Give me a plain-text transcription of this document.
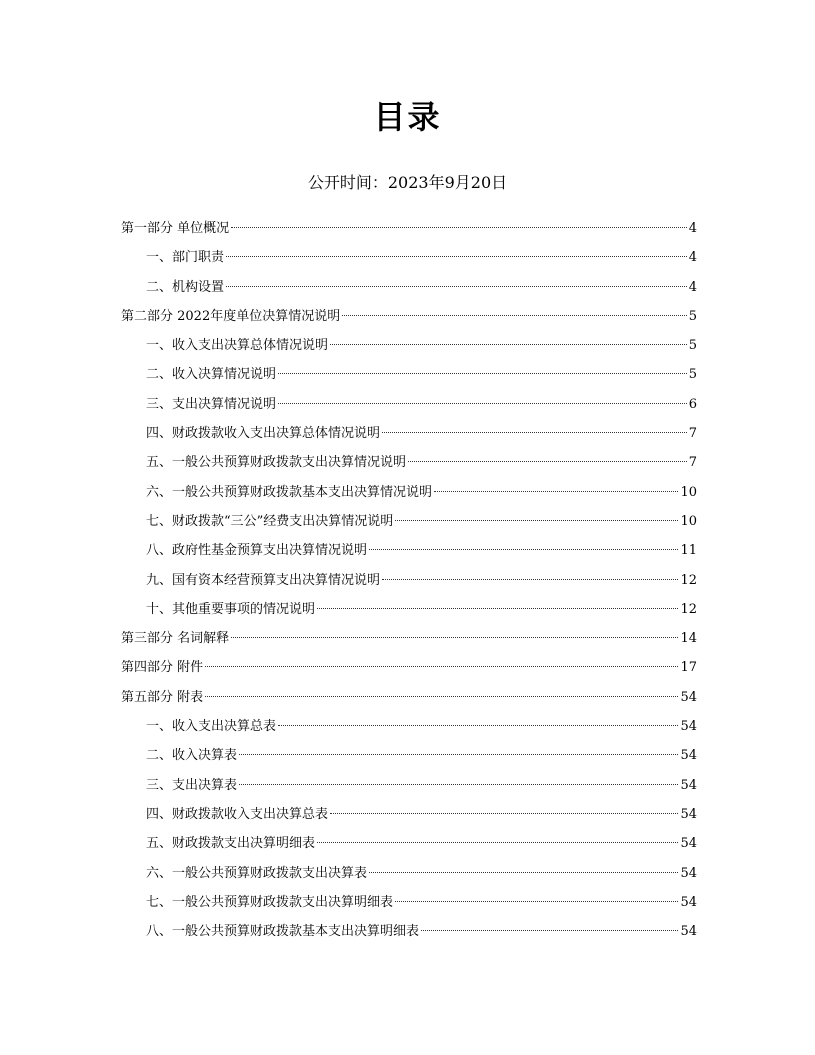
目录
公开时间：2023年9月20日
第一部分 单位概况	4
一、部门职责	4
二、机构设置	4
第二部分 2022年度单位决算情况说明	5
一、收入支出决算总体情况说明	5
二、收入决算情况说明	5
三、支出决算情况说明	6
四、财政拨款收入支出决算总体情况说明	7
五、一般公共预算财政拨款支出决算情况说明	7
六、一般公共预算财政拨款基本支出决算情况说明	10
七、财政拨款“三公”经费支出决算情况说明	10
八、政府性基金预算支出决算情况说明	11
九、国有资本经营预算支出决算情况说明	12
十、其他重要事项的情况说明	12
第三部分 名词解释	14
第四部分 附件	17
第五部分 附表	54
一、收入支出决算总表	54
二、收入决算表	54
三、支出决算表	54
四、财政拨款收入支出决算总表	54
五、财政拨款支出决算明细表	54
六、一般公共预算财政拨款支出决算表	54
七、一般公共预算财政拨款支出决算明细表	54
八、一般公共预算财政拨款基本支出决算明细表	54
